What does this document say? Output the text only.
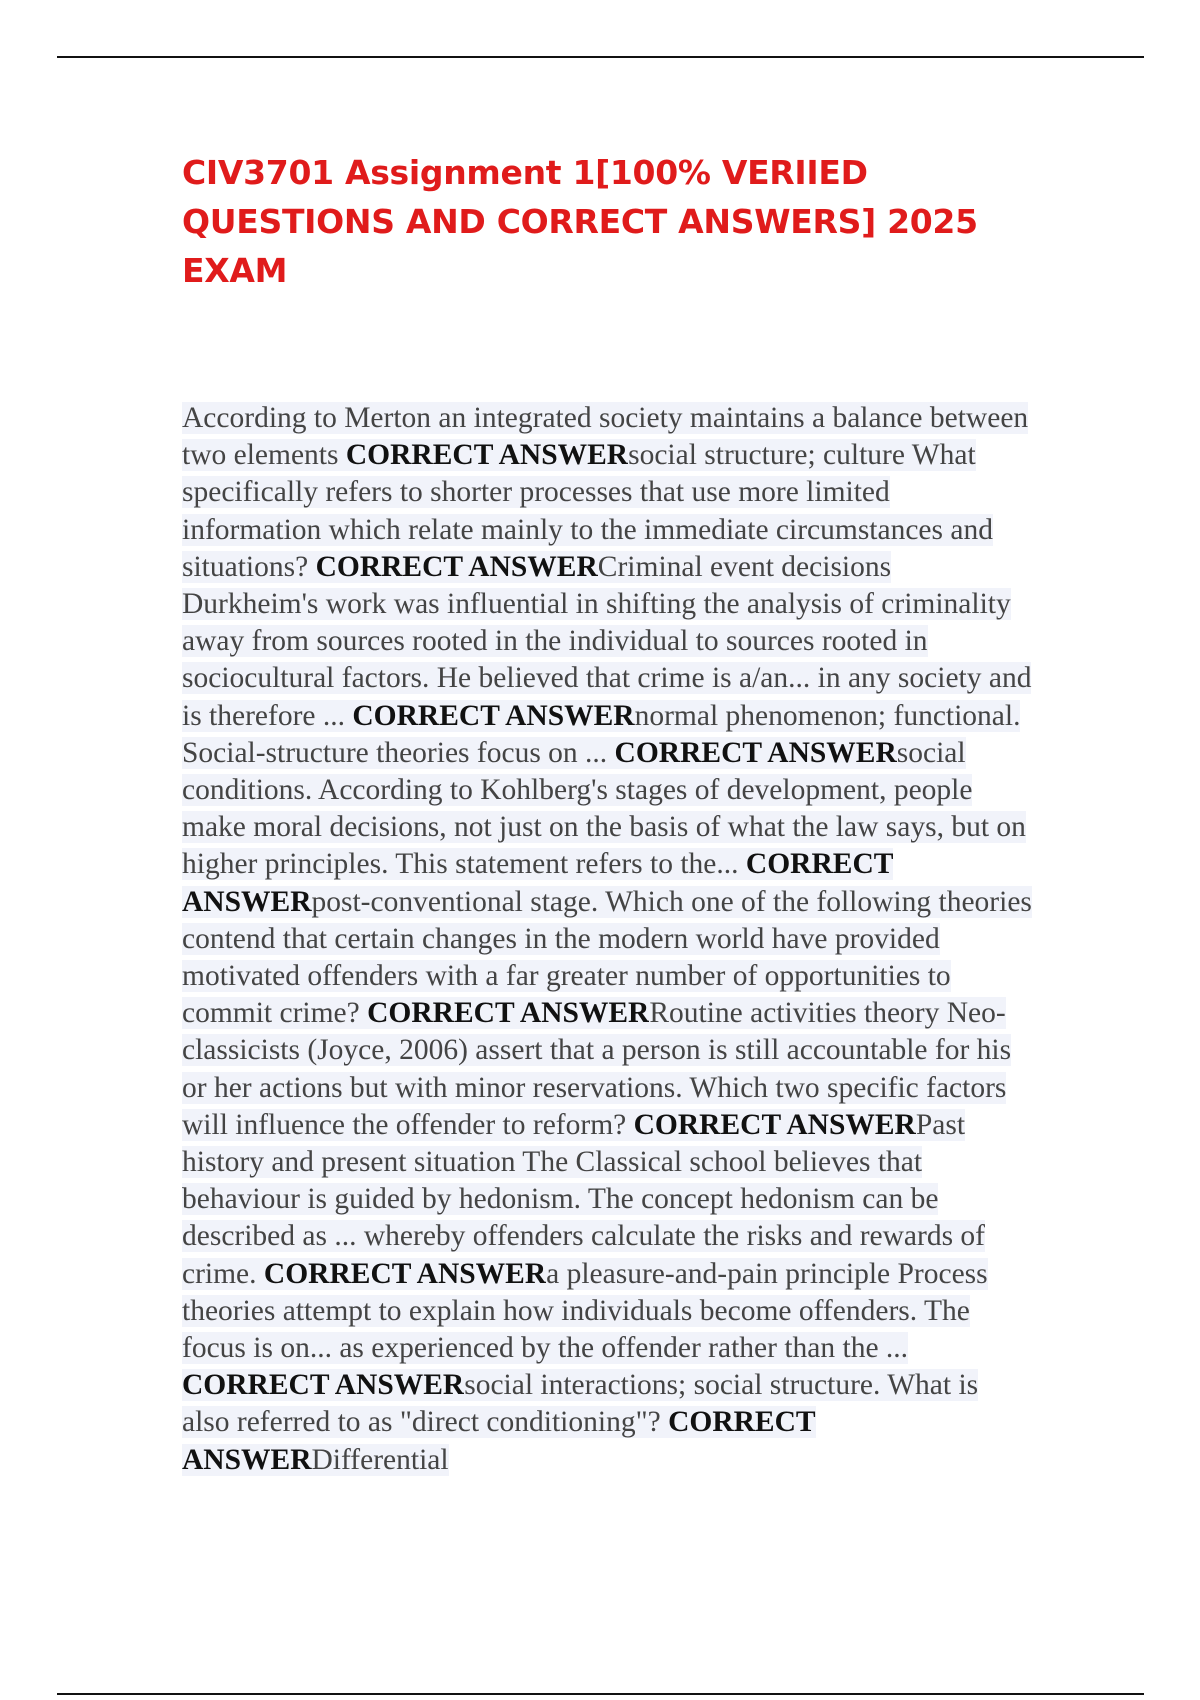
CIV3701 Assignment 1[100% VERIIED QUESTIONS AND CORRECT ANSWERS] 2025 EXAM

According to Merton an integrated society maintains a balance between two elements CORRECT ANSWERsocial structure; culture What specifically refers to shorter processes that use more limited information which relate mainly to the immediate circumstances and situations? CORRECT ANSWERCriminal event decisions Durkheim's work was influential in shifting the analysis of criminality away from sources rooted in the individual to sources rooted in sociocultural factors. He believed that crime is a/an... in any society and is therefore ... CORRECT ANSWERnormal phenomenon; functional. Social-structure theories focus on ... CORRECT ANSWERsocial conditions. According to Kohlberg's stages of development, people make moral decisions, not just on the basis of what the law says, but on higher principles. This statement refers to the... CORRECT ANSWERpost-conventional stage. Which one of the following theories contend that certain changes in the modern world have provided motivated offenders with a far greater number of opportunities to commit crime? CORRECT ANSWERRoutine activities theory Neo-classicists (Joyce, 2006) assert that a person is still accountable for his or her actions but with minor reservations. Which two specific factors will influence the offender to reform? CORRECT ANSWERPast history and present situation The Classical school believes that behaviour is guided by hedonism. The concept hedonism can be described as ... whereby offenders calculate the risks and rewards of crime. CORRECT ANSWERa pleasure-and-pain principle Process theories attempt to explain how individuals become offenders. The focus is on... as experienced by the offender rather than the ... CORRECT ANSWERsocial interactions; social structure. What is also referred to as "direct conditioning"? CORRECT ANSWERDifferential
